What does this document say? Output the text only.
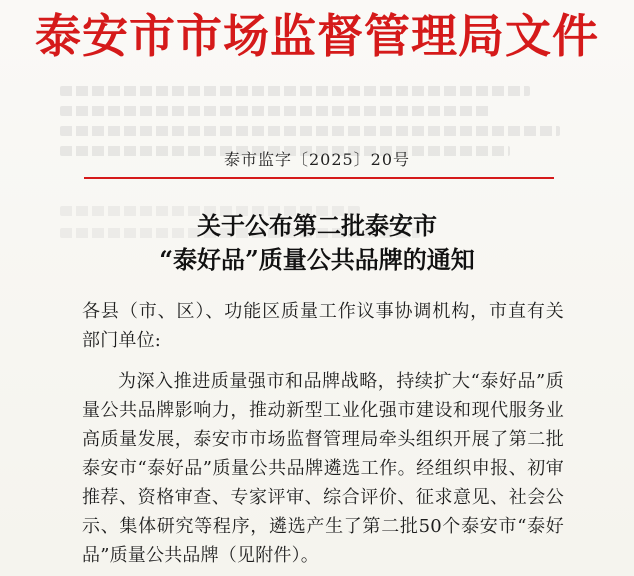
泰安市市场监督管理局文件
泰市监字〔2025〕20号
关于公布第二批泰安市
“泰好品”质量公共品牌的通知

各县（市、区）、功能区质量工作议事协调机构，市直有关部门单位:

为深入推进质量强市和品牌战略，持续扩大“泰好品”质量公共品牌影响力，推动新型工业化强市建设和现代服务业高质量发展，泰安市市场监督管理局牵头组织开展了第二批泰安市“泰好品”质量公共品牌遴选工作。经组织申报、初审推荐、资格审查、专家评审、综合评价、征求意见、社会公示、集体研究等程序，遴选产生了第二批50个泰安市“泰好品”质量公共品牌（见附件）。
